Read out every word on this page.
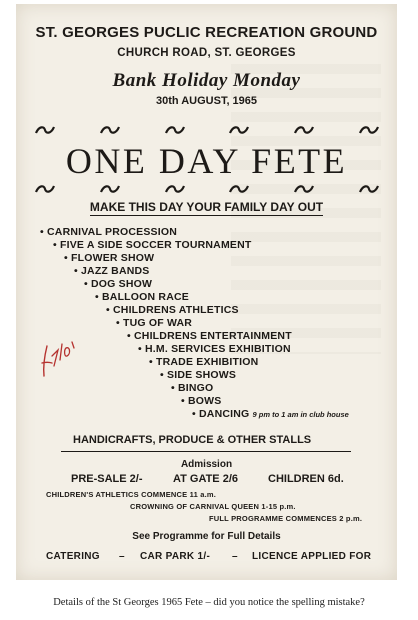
ST. GEORGES PUCLIC RECREATION GROUND
CHURCH ROAD, ST. GEORGES
Bank Holiday Monday
30th AUGUST, 1965
ONE DAY FETE
MAKE THIS DAY YOUR FAMILY DAY OUT
• CARNIVAL PROCESSION
• FIVE A SIDE SOCCER TOURNAMENT
• FLOWER SHOW
• JAZZ BANDS
• DOG SHOW
• BALLOON RACE
• CHILDRENS ATHLETICS
• TUG OF WAR
• CHILDRENS ENTERTAINMENT
• H.M. SERVICES EXHIBITION
• TRADE EXHIBITION
• SIDE SHOWS
• BINGO
• BOWS
• DANCING 9 pm to 1 am in club house
HANDICRAFTS, PRODUCE & OTHER STALLS
Admission
PRE-SALE 2/-	AT GATE 2/6	CHILDREN 6d.
CHILDREN'S ATHLETICS COMMENCE 11 a.m.
CROWNING OF CARNIVAL QUEEN 1-15 p.m.
FULL PROGRAMME COMMENCES 2 p.m.
See Programme for Full Details
CATERING – CAR PARK 1/- – LICENCE APPLIED FOR
Details of the St Georges 1965 Fete – did you notice the spelling mistake?
